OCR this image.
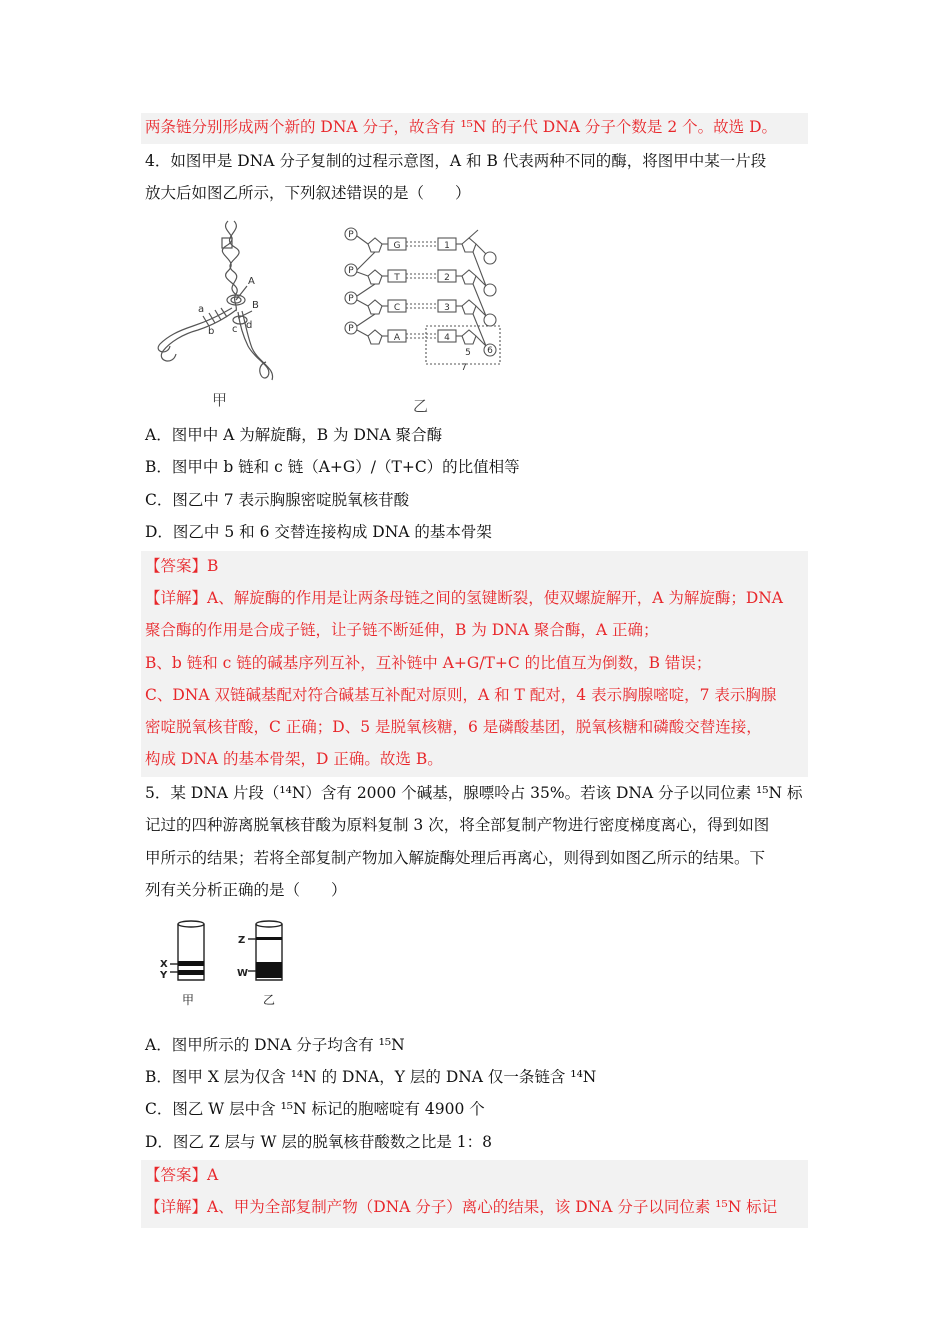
两条链分别形成两个新的 DNA 分子，故含有 ¹⁵N 的子代 DNA 分子个数是 2 个。故选 D。
4．如图甲是 DNA 分子复制的过程示意图，A 和 B 代表两种不同的酶，将图甲中某一片段
放大后如图乙所示，下列叙述错误的是（　　）
A
B
a
b c d
甲
P
P
P
P
G
T
C
A
1
2
3
4
5 6
7
乙
A．图甲中 A 为解旋酶，B 为 DNA 聚合酶
B．图甲中 b 链和 c 链（A+G）/（T+C）的比值相等
C．图乙中 7 表示胸腺密啶脱氧核苷酸
D．图乙中 5 和 6 交替连接构成 DNA 的基本骨架
【答案】B
【详解】A、解旋酶的作用是让两条母链之间的氢键断裂，使双螺旋解开，A 为解旋酶；DNA
聚合酶的作用是合成子链，让子链不断延伸，B 为 DNA 聚合酶，A 正确；
B、b 链和 c 链的碱基序列互补，互补链中 A+G/T+C 的比值互为倒数，B 错误；
C、DNA 双链碱基配对符合碱基互补配对原则，A 和 T 配对，4 表示胸腺嘧啶，7 表示胸腺
密啶脱氧核苷酸，C 正确；D、5 是脱氧核糖，6 是磷酸基团，脱氧核糖和磷酸交替连接，
构成 DNA 的基本骨架，D 正确。故选 B。
5．某 DNA 片段（¹⁴N）含有 2000 个碱基，腺嘌呤占 35%。若该 DNA 分子以同位素 ¹⁵N 标
记过的四种游离脱氧核苷酸为原料复制 3 次，将全部复制产物进行密度梯度离心，得到如图
甲所示的结果；若将全部复制产物加入解旋酶处理后再离心，则得到如图乙所示的结果。下
列有关分析正确的是（　　）
X
Y
Z
W
甲	乙
A．图甲所示的 DNA 分子均含有 ¹⁵N
B．图甲 X 层为仅含 ¹⁴N 的 DNA，Y 层的 DNA 仅一条链含 ¹⁴N
C．图乙 W 层中含 ¹⁵N 标记的胞嘧啶有 4900 个
D．图乙 Z 层与 W 层的脱氧核苷酸数之比是 1：8
【答案】A
【详解】A、甲为全部复制产物（DNA 分子）离心的结果，该 DNA 分子以同位素 ¹⁵N 标记
